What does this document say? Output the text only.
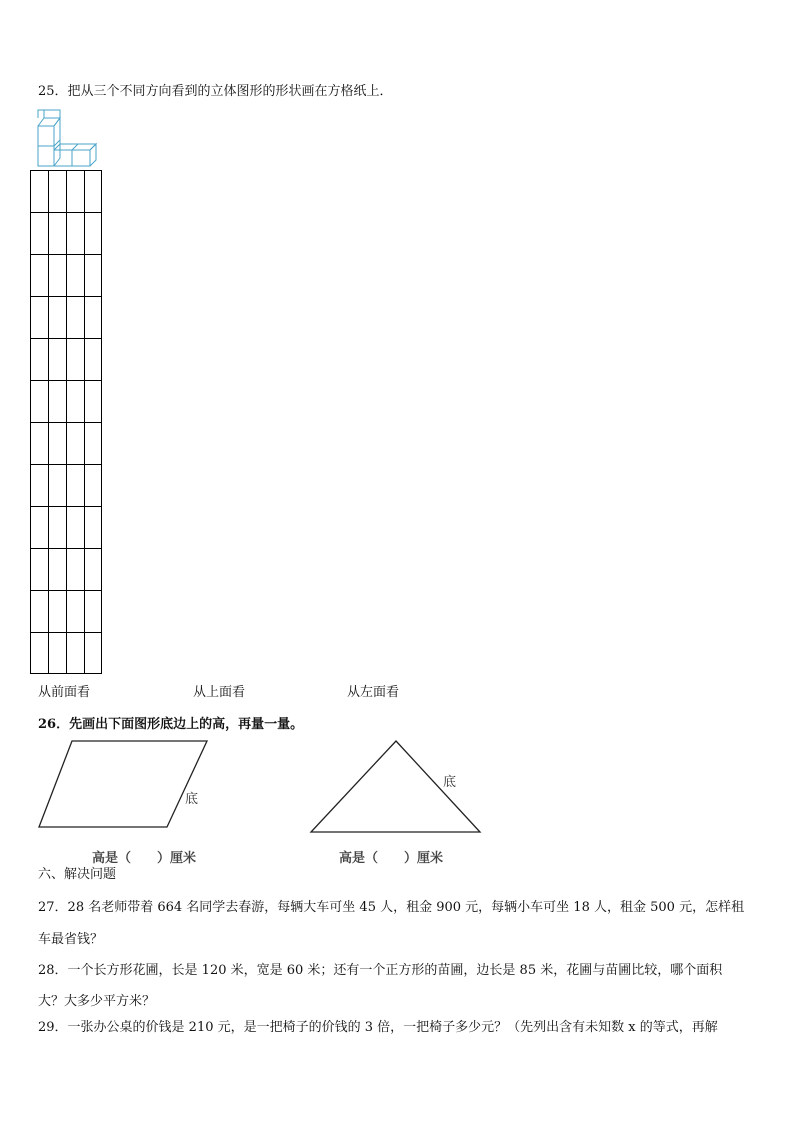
25．把从三个不同方向看到的立体图形的形状画在方格纸上．
从前面看	从上面看	从左面看
26．先画出下面图形底边上的高，再量一量。
底
底
高是（　　）厘米	高是（　　）厘米
六、解决问题
27．28 名老师带着 664 名同学去春游，每辆大车可坐 45 人，租金 900 元，每辆小车可坐 18 人，租金 500 元，怎样租
车最省钱？
28．一个长方形花圃，长是 120 米，宽是 60 米；还有一个正方形的苗圃，边长是 85 米，花圃与苗圃比较，哪个面积
大？大多少平方米？
29．一张办公桌的价钱是 210 元，是一把椅子的价钱的 3 倍，一把椅子多少元？（先列出含有未知数 x 的等式，再解
